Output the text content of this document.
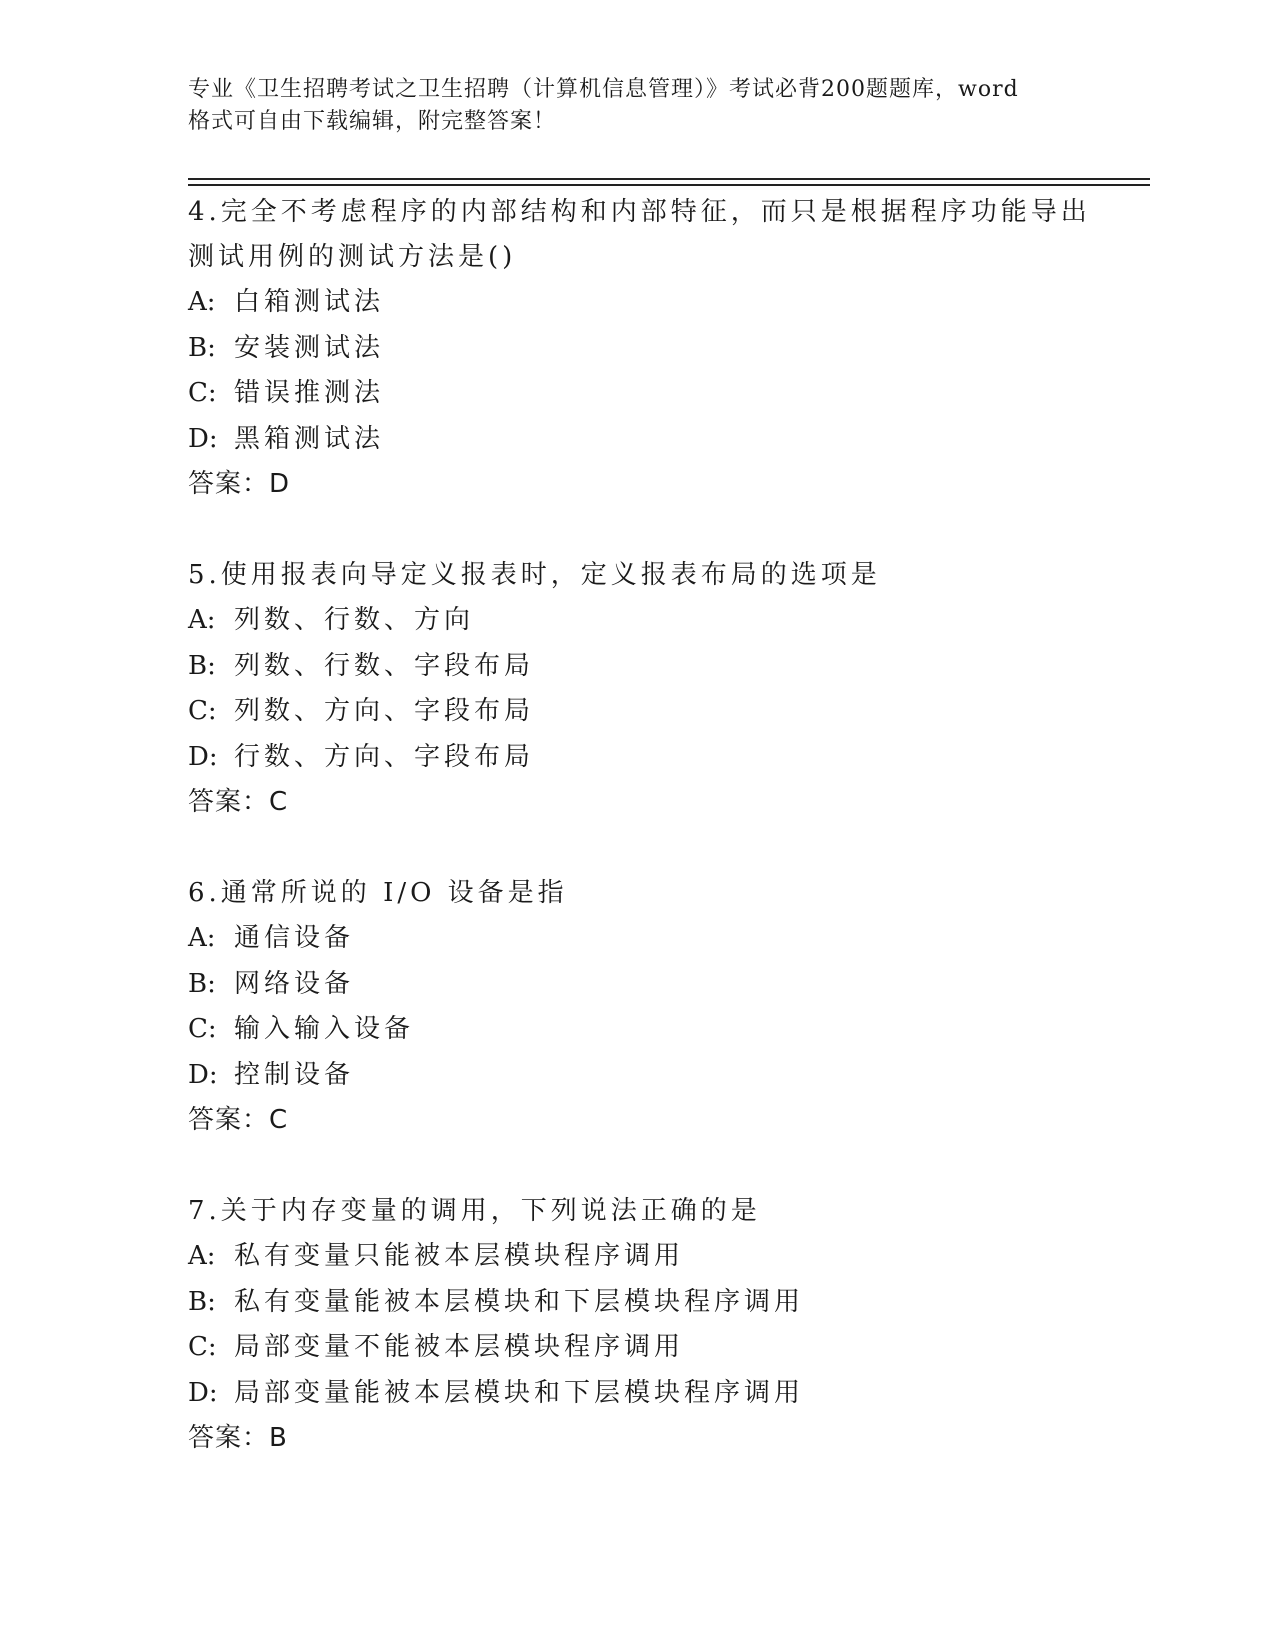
专业《卫生招聘考试之卫生招聘（计算机信息管理）》考试必背200题题库，word
格式可自由下载编辑，附完整答案！
4.完全不考虑程序的内部结构和内部特征，而只是根据程序功能导出
测试用例的测试方法是()
A: 白箱测试法
B: 安装测试法
C: 错误推测法
D: 黑箱测试法
答案：D
5.使用报表向导定义报表时，定义报表布局的选项是
A: 列数、行数、方向
B: 列数、行数、字段布局
C: 列数、方向、字段布局
D: 行数、方向、字段布局
答案：C
6.通常所说的 I/O 设备是指
A: 通信设备
B: 网络设备
C: 输入输入设备
D: 控制设备
答案：C
7.关于内存变量的调用，下列说法正确的是
A: 私有变量只能被本层模块程序调用
B: 私有变量能被本层模块和下层模块程序调用
C: 局部变量不能被本层模块程序调用
D: 局部变量能被本层模块和下层模块程序调用
答案：B
